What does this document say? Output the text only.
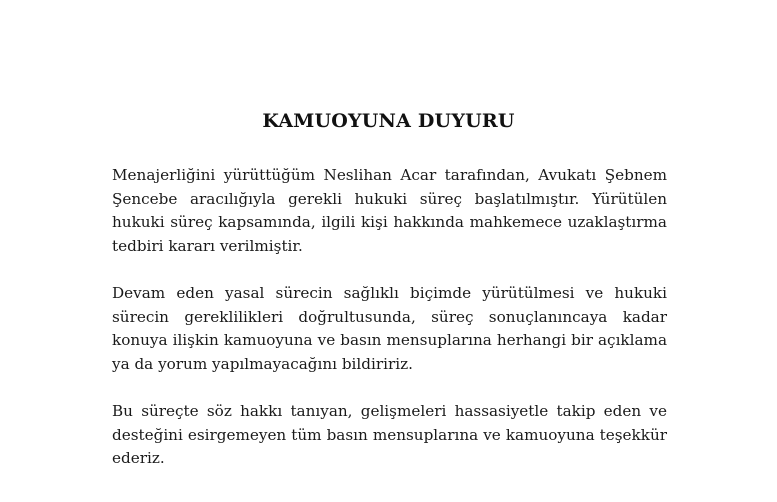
KAMUOYUNA DUYURU

Menajerliğini yürüttüğüm Neslihan Acar tarafından, Avukatı Şebnem Şencebe aracılığıyla gerekli hukuki süreç başlatılmıştır. Yürütülen hukuki süreç kapsamında, ilgili kişi hakkında mahkemece uzaklaştırma tedbiri kararı verilmiştir.

Devam eden yasal sürecin sağlıklı biçimde yürütülmesi ve hukuki sürecin gereklilikleri doğrultusunda, süreç sonuçlanıncaya kadar konuya ilişkin kamuoyuna ve basın mensuplarına herhangi bir açıklama ya da yorum yapılmayacağını bildiririz.

Bu süreçte söz hakkı tanıyan, gelişmeleri hassasiyetle takip eden ve desteğini esirgemeyen tüm basın mensuplarına ve kamuoyuna teşekkür ederiz.
